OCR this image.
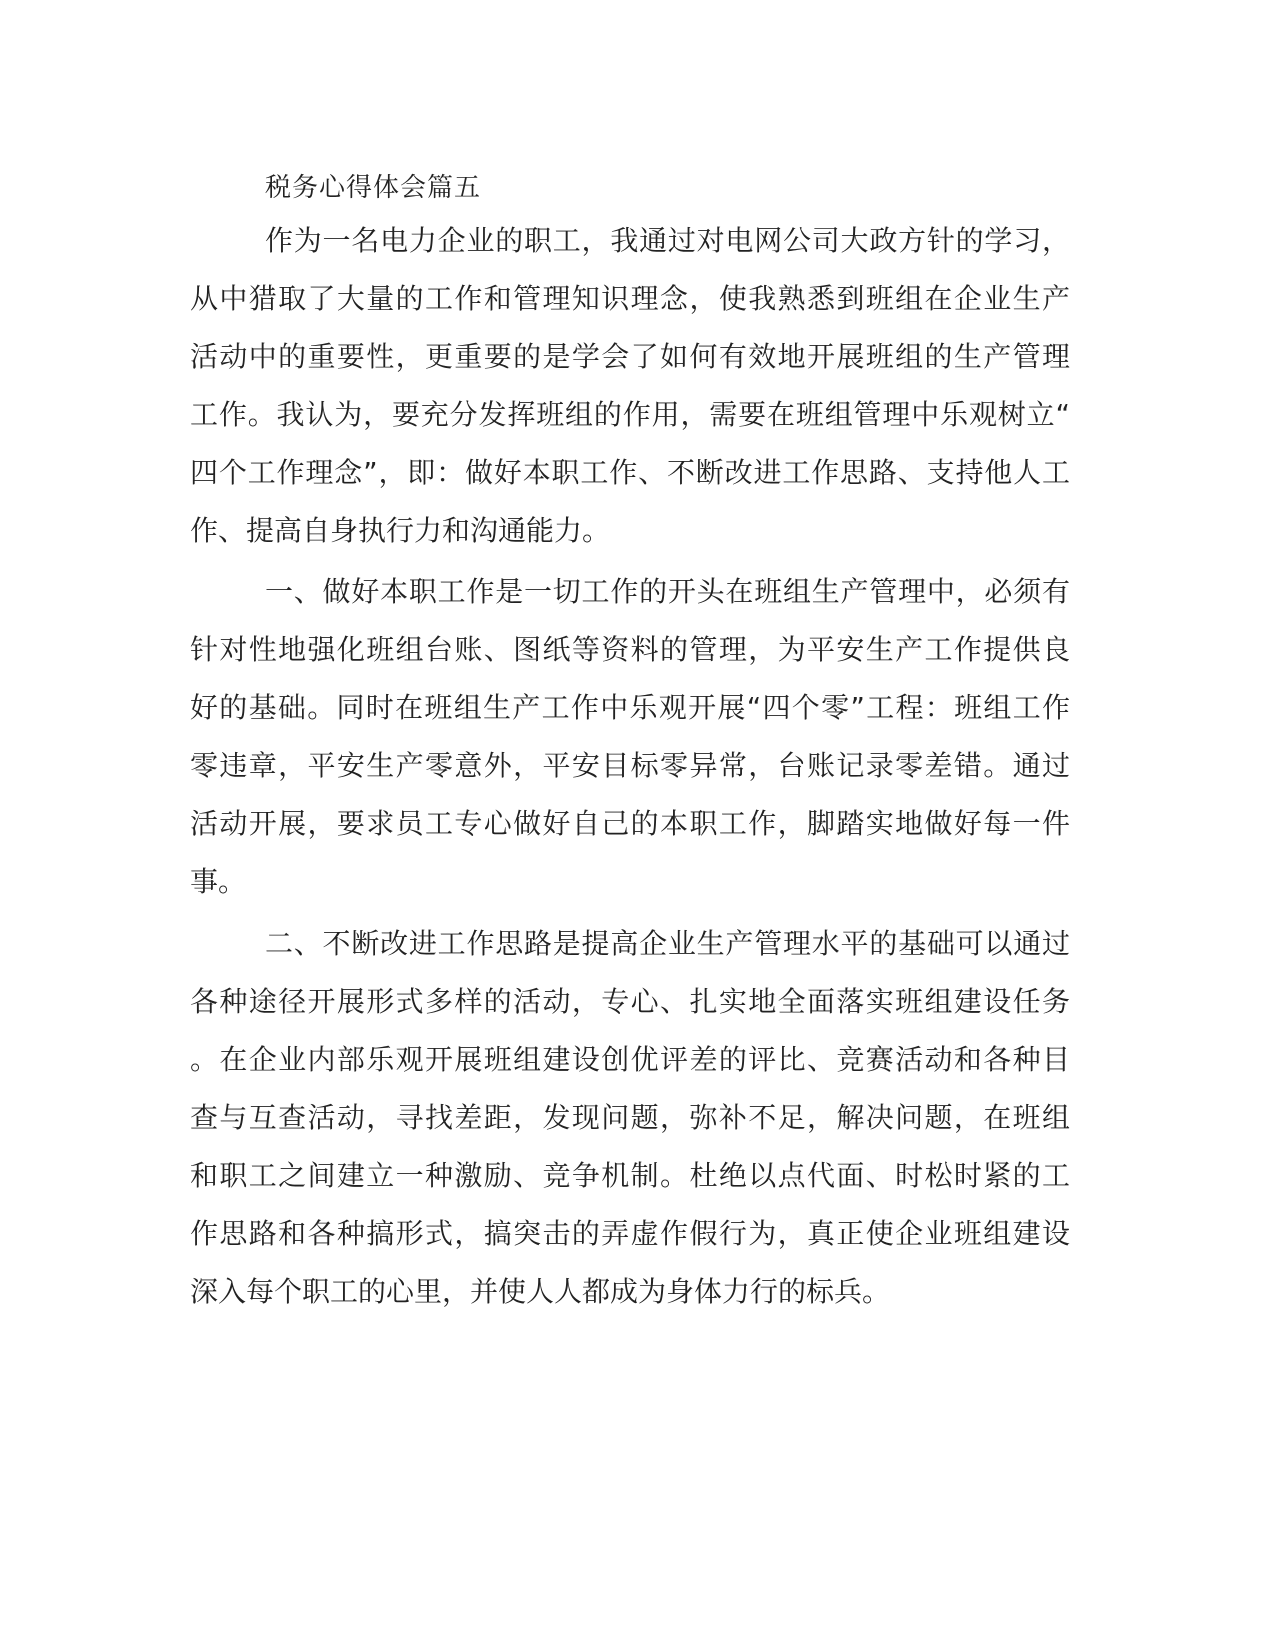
税务心得体会篇五
作为一名电力企业的职工，我通过对电网公司大政方针的学习，
从中猎取了大量的工作和管理知识理念，使我熟悉到班组在企业生产
活动中的重要性，更重要的是学会了如何有效地开展班组的生产管理
工作。我认为，要充分发挥班组的作用，需要在班组管理中乐观树立“
四个工作理念”，即：做好本职工作、不断改进工作思路、支持他人工
作、提高自身执行力和沟通能力。
一、做好本职工作是一切工作的开头在班组生产管理中，必须有
针对性地强化班组台账、图纸等资料的管理，为平安生产工作提供良
好的基础。同时在班组生产工作中乐观开展“四个零”工程：班组工作
零违章，平安生产零意外，平安目标零异常，台账记录零差错。通过
活动开展，要求员工专心做好自己的本职工作，脚踏实地做好每一件
事。
二、不断改进工作思路是提高企业生产管理水平的基础可以通过
各种途径开展形式多样的活动，专心、扎实地全面落实班组建设任务
。在企业内部乐观开展班组建设创优评差的评比、竞赛活动和各种目
查与互查活动，寻找差距，发现问题，弥补不足，解决问题，在班组
和职工之间建立一种激励、竞争机制。杜绝以点代面、时松时紧的工
作思路和各种搞形式，搞突击的弄虚作假行为，真正使企业班组建设
深入每个职工的心里，并使人人都成为身体力行的标兵。
